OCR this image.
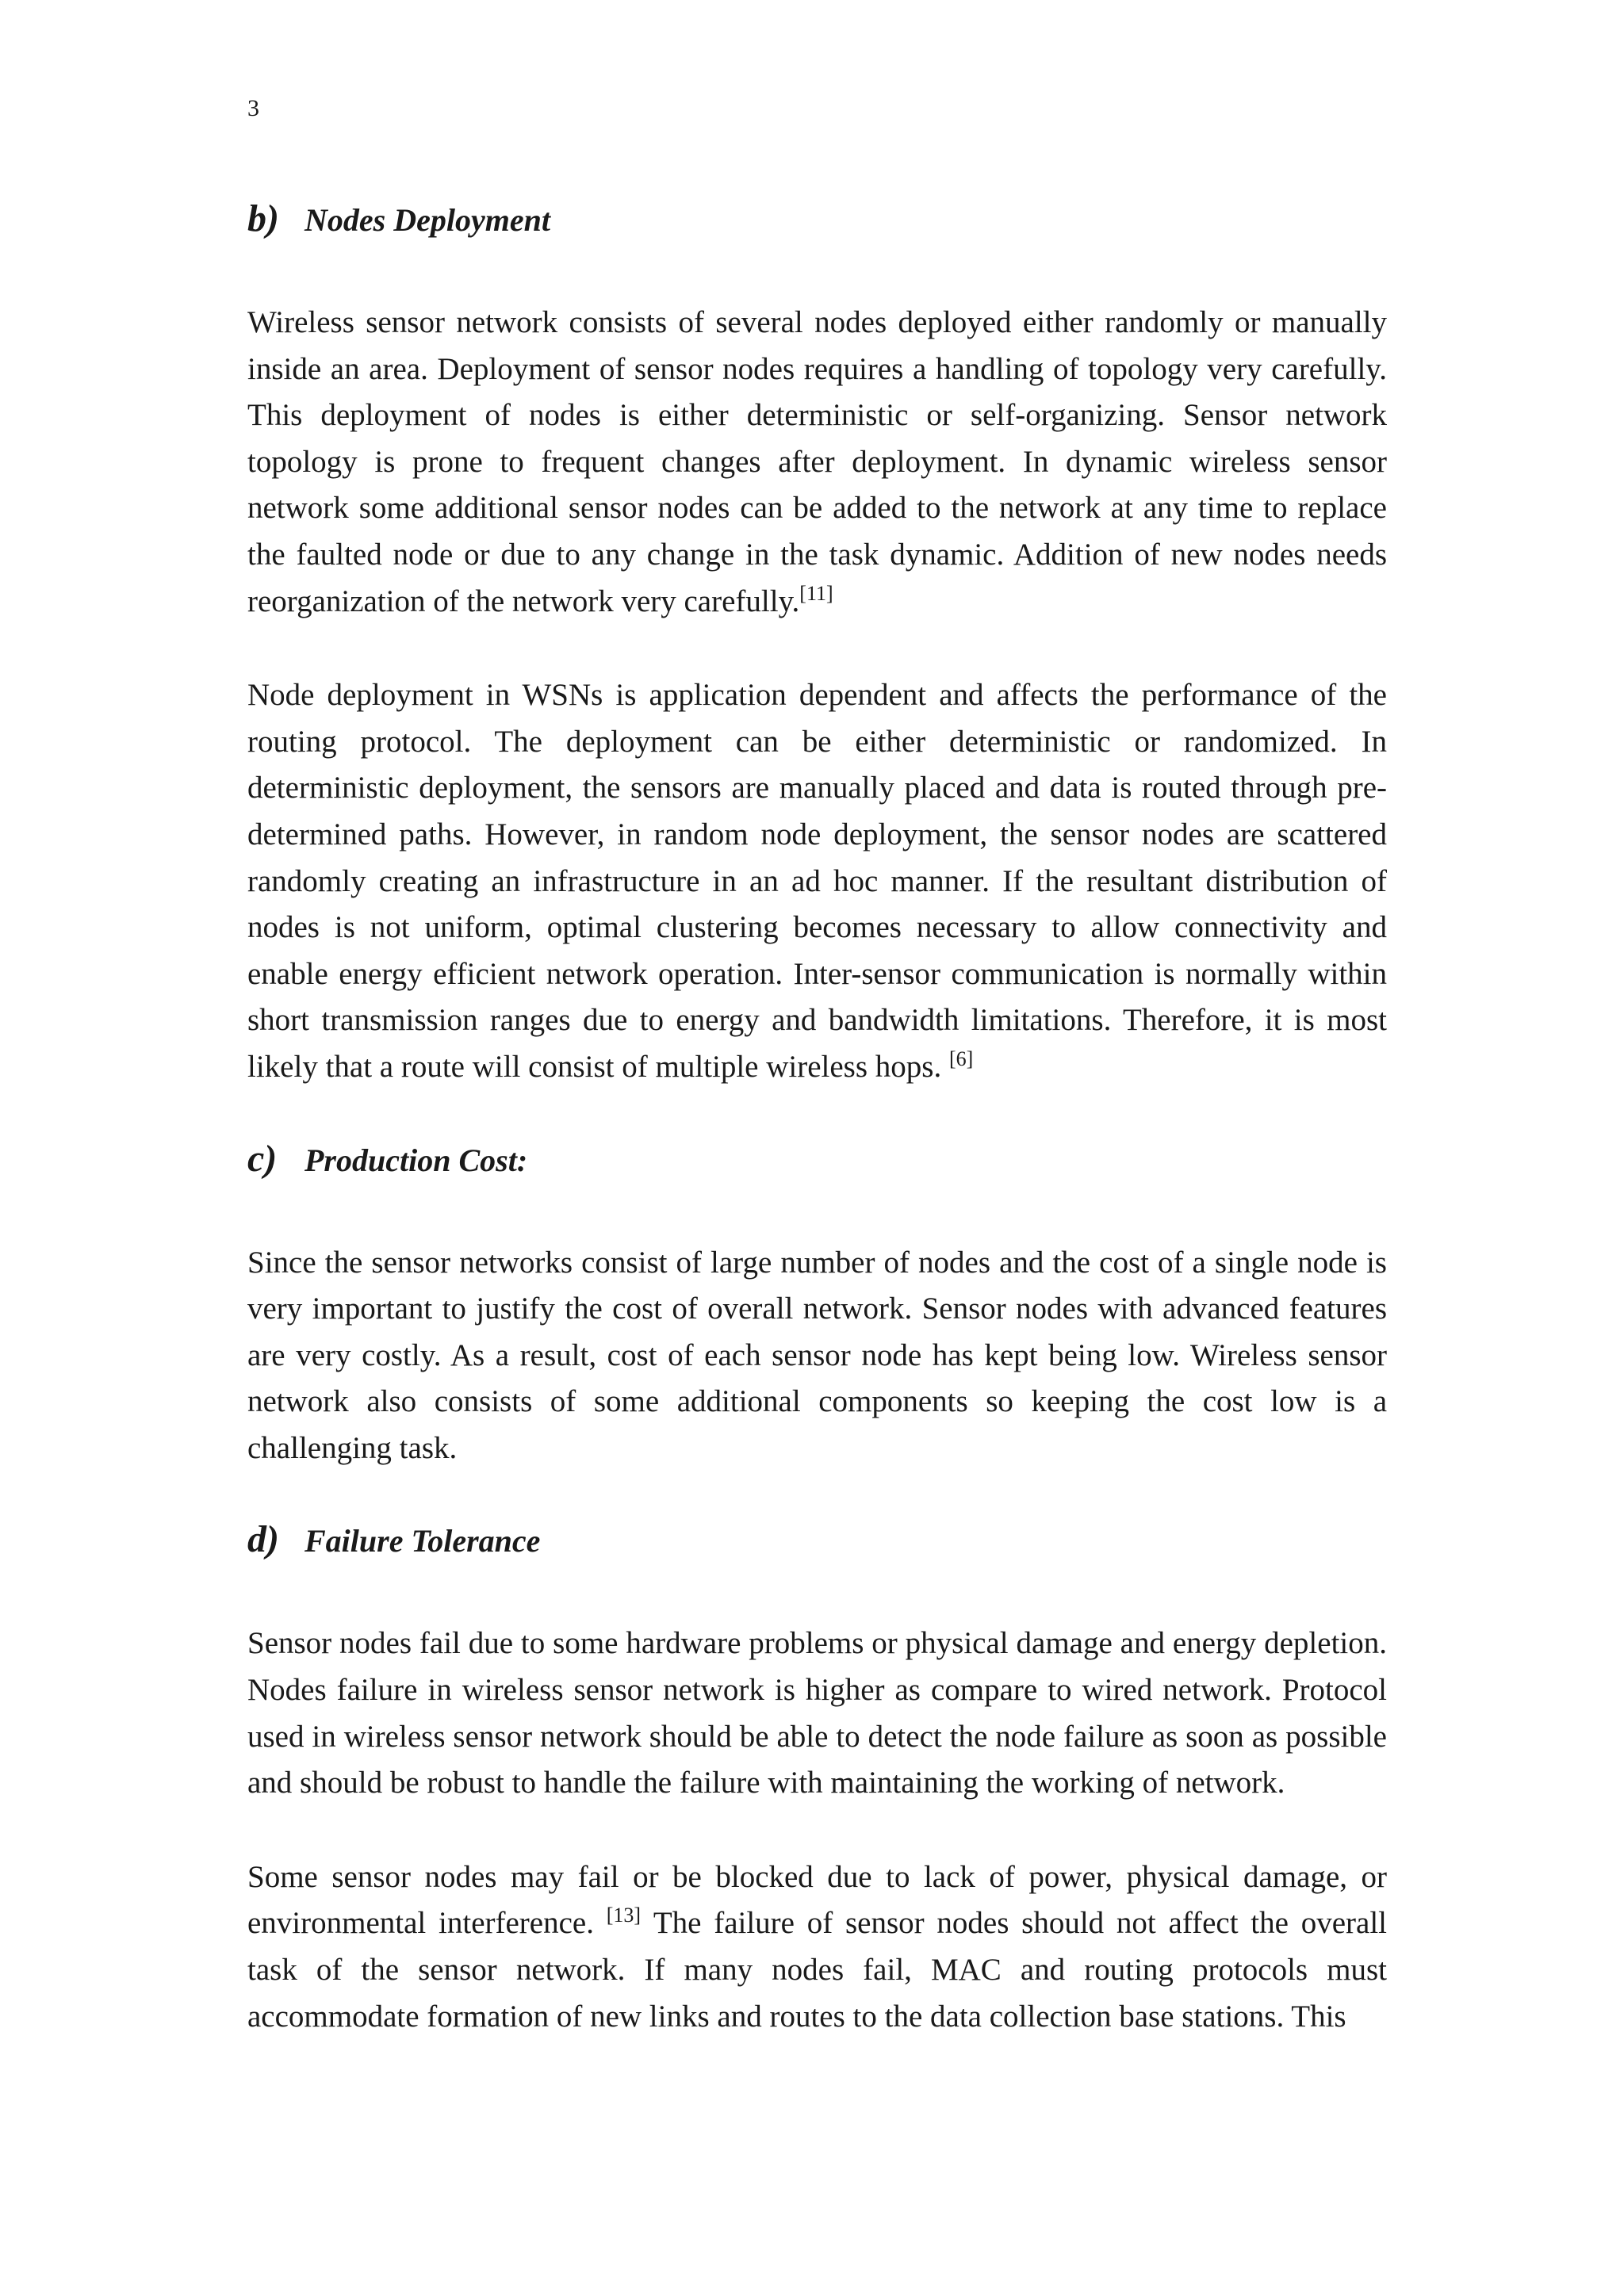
3
b) Nodes Deployment

Wireless sensor network consists of several nodes deployed either randomly or manually inside an area. Deployment of sensor nodes requires a handling of topology very carefully. This deployment of nodes is either deterministic or self-organizing. Sensor network topology is prone to frequent changes after deployment. In dynamic wireless sensor network some additional sensor nodes can be added to the network at any time to replace the faulted node or due to any change in the task dynamic. Addition of new nodes needs reorganization of the network very carefully.[11]

Node deployment in WSNs is application dependent and affects the performance of the routing protocol. The deployment can be either deterministic or randomized. In deterministic deployment, the sensors are manually placed and data is routed through pre-determined paths. However, in random node deployment, the sensor nodes are scattered randomly creating an infrastructure in an ad hoc manner. If the resultant distribution of nodes is not uniform, optimal clustering becomes necessary to allow connectivity and enable energy efficient network operation. Inter-sensor communication is normally within short transmission ranges due to energy and bandwidth limitations. Therefore, it is most likely that a route will consist of multiple wireless hops. [6]

c) Production Cost:

Since the sensor networks consist of large number of nodes and the cost of a single node is very important to justify the cost of overall network. Sensor nodes with advanced features are very costly. As a result, cost of each sensor node has kept being low. Wireless sensor network also consists of some additional components so keeping the cost low is a challenging task.

d) Failure Tolerance

Sensor nodes fail due to some hardware problems or physical damage and energy depletion. Nodes failure in wireless sensor network is higher as compare to wired network. Protocol used in wireless sensor network should be able to detect the node failure as soon as possible and should be robust to handle the failure with maintaining the working of network.

Some sensor nodes may fail or be blocked due to lack of power, physical damage, or environmental interference. [13] The failure of sensor nodes should not affect the overall task of the sensor network. If many nodes fail, MAC and routing protocols must accommodate formation of new links and routes to the data collection base stations. This
